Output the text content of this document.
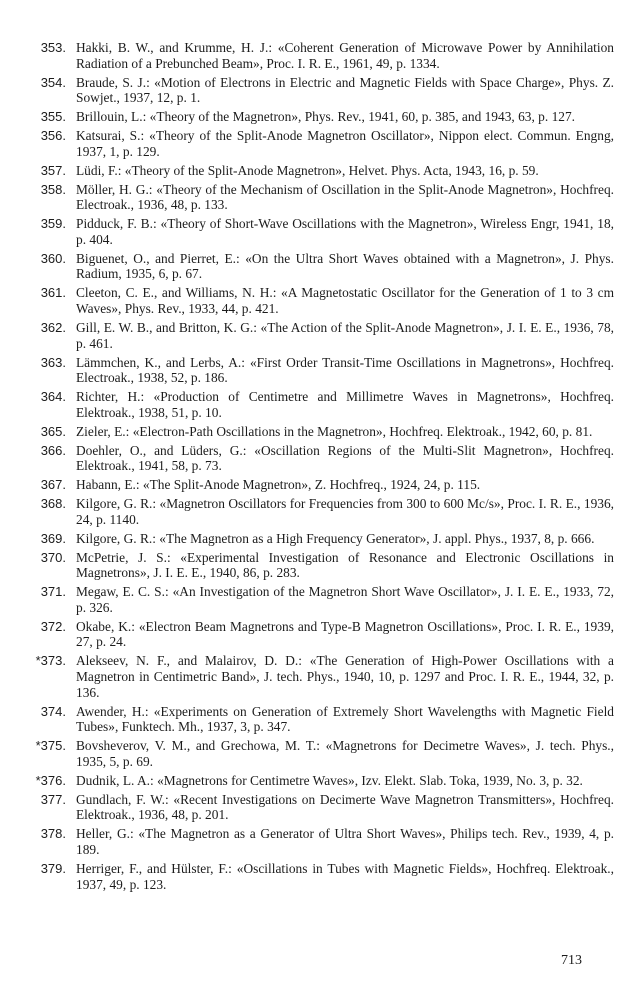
353. Hakki, B. W., and Krumme, H. J.: «Coherent Generation of Microwave Power by Annihilation Radiation of a Prebunched Beam», Proc. I. R. E., 1961, 49, p. 1334.
354. Braude, S. J.: «Motion of Electrons in Electric and Magnetic Fields with Space Charge», Phys. Z. Sowjet., 1937, 12, p. 1.
355. Brillouin, L.: «Theory of the Magnetron», Phys. Rev., 1941, 60, p. 385, and 1943, 63, p. 127.
356. Katsurai, S.: «Theory of the Split-Anode Magnetron Oscillator», Nippon elect. Commun. Engng, 1937, 1, p. 129.
357. Lüdi, F.: «Theory of the Split-Anode Magnetron», Helvet. Phys. Acta, 1943, 16, p. 59.
358. Möller, H. G.: «Theory of the Mechanism of Oscillation in the Split-Anode Magnetron», Hochfreq. Electroak., 1936, 48, p. 133.
359. Pidduck, F. B.: «Theory of Short-Wave Oscillations with the Magnetron», Wireless Engr, 1941, 18, p. 404.
360. Biguenet, O., and Pierret, E.: «On the Ultra Short Waves obtained with a Magnetron», J. Phys. Radium, 1935, 6, p. 67.
361. Cleeton, C. E., and Williams, N. H.: «A Magnetostatic Oscillator for the Generation of 1 to 3 cm Waves», Phys. Rev., 1933, 44, p. 421.
362. Gill, E. W. B., and Britton, K. G.: «The Action of the Split-Anode Magnetron», J. I. E. E., 1936, 78, p. 461.
363. Lämmchen, K., and Lerbs, A.: «First Order Transit-Time Oscillations in Magnetrons», Hochfreq. Electroak., 1938, 52, p. 186.
364. Richter, H.: «Production of Centimetre and Millimetre Waves in Magnetrons», Hochfreq. Elektroak., 1938, 51, p. 10.
365. Zieler, E.: «Electron-Path Oscillations in the Magnetron», Hochfreq. Elektroak., 1942, 60, p. 81.
366. Doehler, O., and Lüders, G.: «Oscillation Regions of the Multi-Slit Magnetron», Hochfreq. Elektroak., 1941, 58, p. 73.
367. Habann, E.: «The Split-Anode Magnetron», Z. Hochfreq., 1924, 24, p. 115.
368. Kilgore, G. R.: «Magnetron Oscillators for Frequencies from 300 to 600 Mc/s», Proc. I. R. E., 1936, 24, p. 1140.
369. Kilgore, G. R.: «The Magnetron as a High Frequency Generator», J. appl. Phys., 1937, 8, p. 666.
370. McPetrie, J. S.: «Experimental Investigation of Resonance and Electronic Oscillations in Magnetrons», J. I. E. E., 1940, 86, p. 283.
371. Megaw, E. C. S.: «An Investigation of the Magnetron Short Wave Oscillator», J. I. E. E., 1933, 72, p. 326.
372. Okabe, K.: «Electron Beam Magnetrons and Type-B Magnetron Oscillations», Proc. I. R. E., 1939, 27, p. 24.
*373. Alekseev, N. F., and Malairov, D. D.: «The Generation of High-Power Oscillations with a Magnetron in Centimetric Band», J. tech. Phys., 1940, 10, p. 1297 and Proc. I. R. E., 1944, 32, p. 136.
374. Awender, H.: «Experiments on Generation of Extremely Short Wavelengths with Magnetic Field Tubes», Funktech. Mh., 1937, 3, p. 347.
*375. Bovsheverov, V. M., and Grechowa, M. T.: «Magnetrons for Decimetre Waves», J. tech. Phys., 1935, 5, p. 69.
*376. Dudnik, L. A.: «Magnetrons for Centimetre Waves», Izv. Elekt. Slab. Toka, 1939, No. 3, p. 32.
377. Gundlach, F. W.: «Recent Investigations on Decimerte Wave Magnetron Transmitters», Hochfreq. Elektroak., 1936, 48, p. 201.
378. Heller, G.: «The Magnetron as a Generator of Ultra Short Waves», Philips tech. Rev., 1939, 4, p. 189.
379. Herriger, F., and Hülster, F.: «Oscillations in Tubes with Magnetic Fields», Hochfreq. Elektroak., 1937, 49, p. 123.
713
